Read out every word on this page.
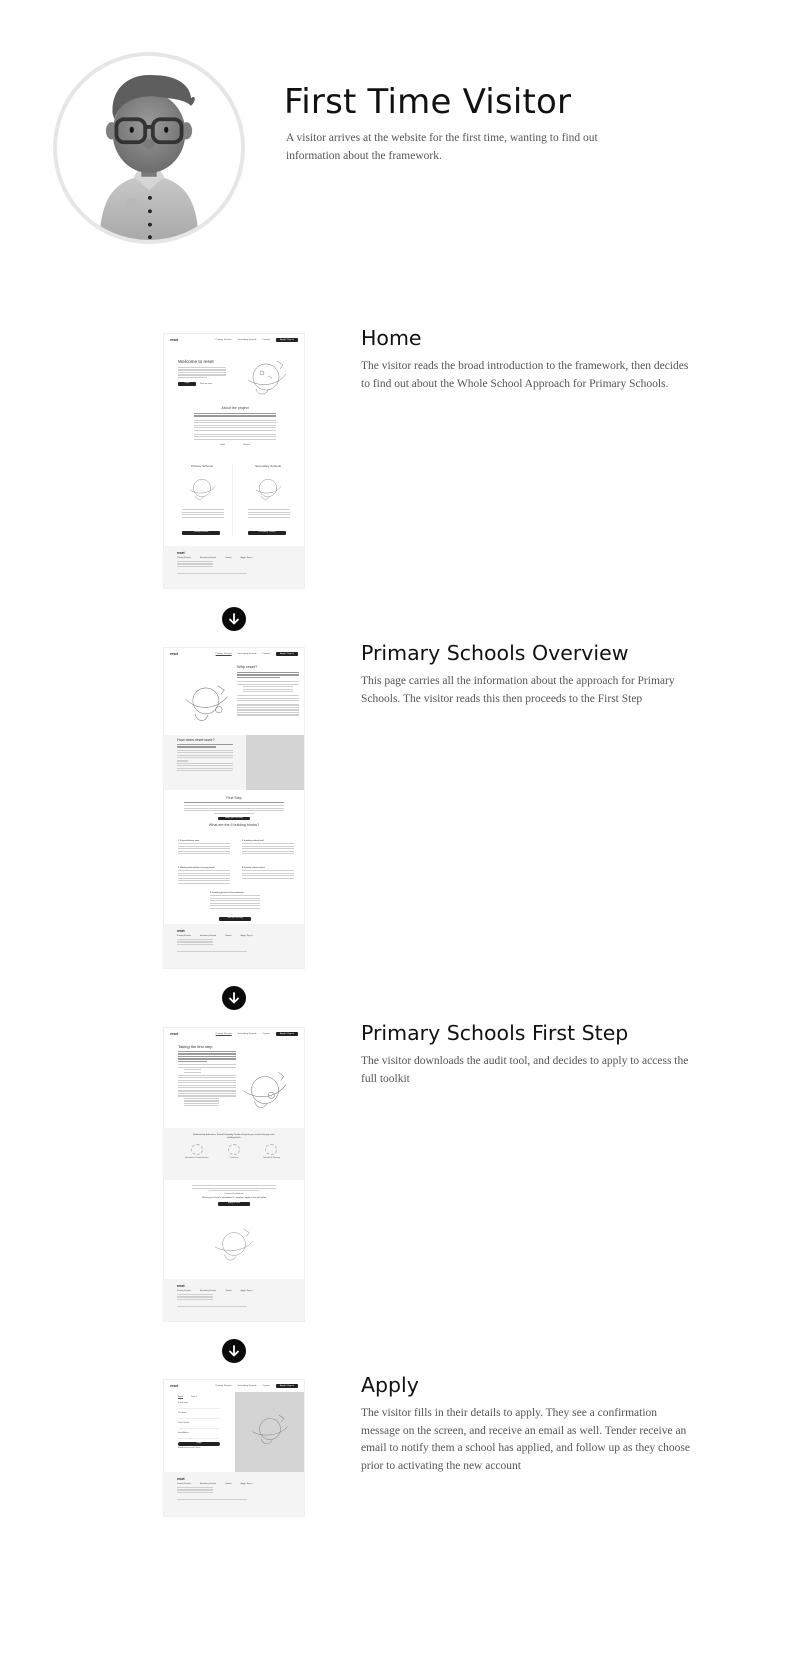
First Time Visitor

A visitor arrives at the website for the first time, wanting to find out information about the framework.

reset	Primary Schools	Secondary Schools	Contact	Apply / Sign in
Welcome to reset
Login	Find out more
About the project
Toolkit	Website
Primary Schools
Primary Schools
Secondary Schools
Secondary Schools
reset
Primary Schools	Secondary Schools	Contact	Apply / Sign in
Home

The visitor reads the broad introduction to the framework, then decides to find out about the Whole School Approach for Primary Schools.

reset	Primary Schools	Secondary Schools	Contact	Apply / Sign in
Why reset?
How does reset work?
First Step
Begin your first step
What are the 5 building blocks?
1. Project delivery team	2. Involving school staff
3. Working with children & young people	4. Positive school culture
5. Involving parents & the community
Take the first step
reset
Primary Schools	Secondary Schools	Contact	Apply / Sign in
Primary Schools Overview

This page carries all the information about the approach for Primary Schools. The visitor reads this then proceeds to the First Step

reset	Primary Schools	Secondary Schools	Contact	Apply / Sign in
Taking the first step
Relationship Education: School's Equality Toolkit will guide your school through each building block
Information & Communication	Curriculum	Timetable & Planning
Download the audit tool
When your school's foundation is complete, apply to the full toolkit
Apply to reset
reset
Primary Schools	Secondary Schools	Contact	Apply / Sign in
Primary Schools First Step

The visitor downloads the audit tool, and decides to apply to access the full toolkit

reset	Primary Schools	Secondary Schools	Contact	Apply / Sign in
Apply	Sign in
School Name
Your Name
Phone Number
Email Address
Apply
Already have an account? Sign in
reset
Primary Schools	Secondary Schools	Contact	Apply / Sign in
Apply

The visitor fills in their details to apply. They see a confirmation message on the screen, and receive an email as well. Tender receive an email to notify them a school has applied, and follow up as they choose prior to activating the new account
